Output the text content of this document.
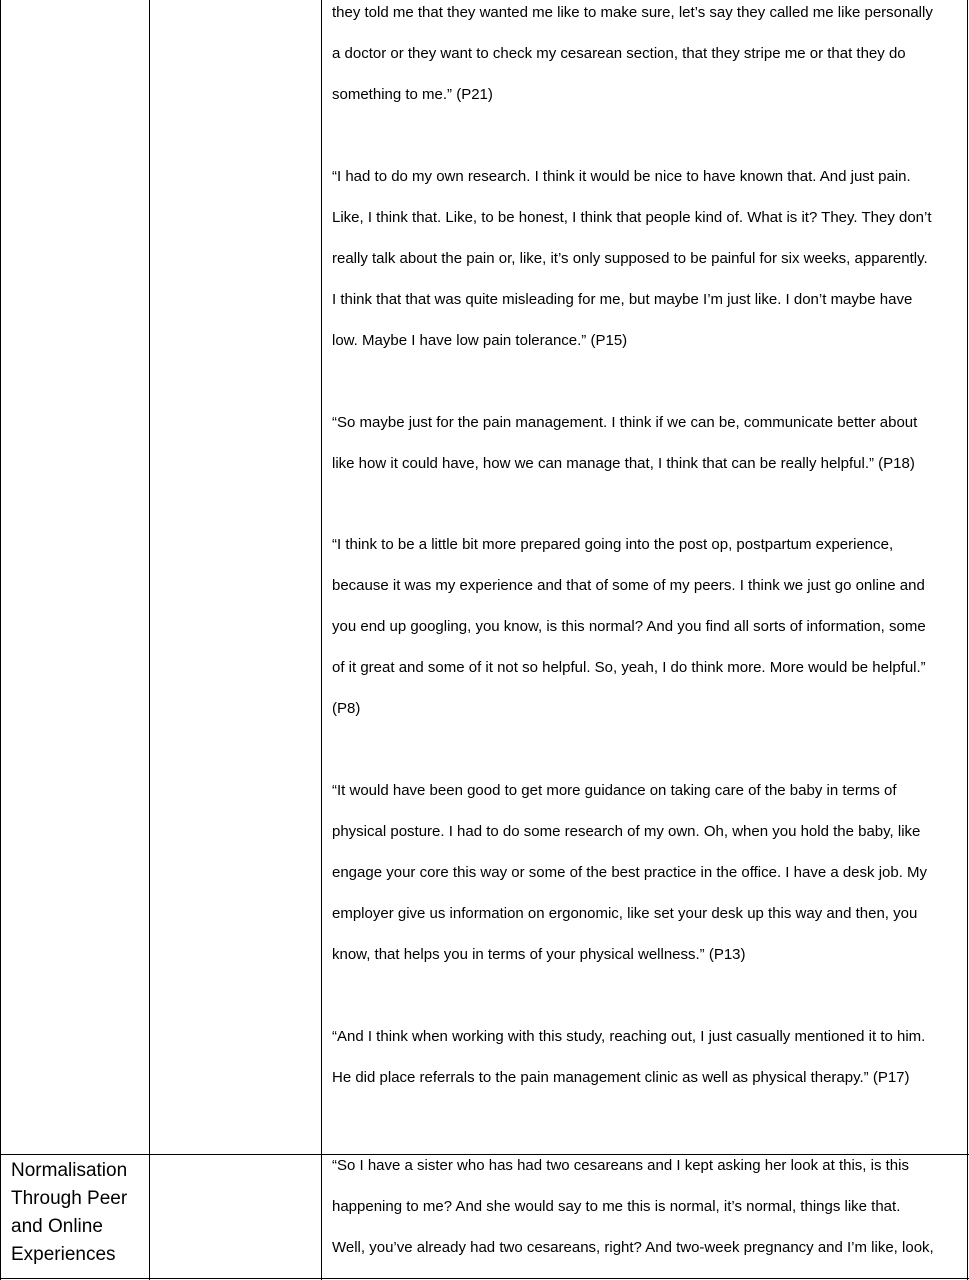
they told me that they wanted me like to make sure, let’s say they called me like personally
a doctor or they want to check my cesarean section, that they stripe me or that they do
something to me.” (P21)
“I had to do my own research. I think it would be nice to have known that. And just pain.
Like, I think that. Like, to be honest, I think that people kind of. What is it? They. They don’t
really talk about the pain or, like, it’s only supposed to be painful for six weeks, apparently.
I think that that was quite misleading for me, but maybe I’m just like. I don’t maybe have
low. Maybe I have low pain tolerance.” (P15)
“So maybe just for the pain management. I think if we can be, communicate better about
like how it could have, how we can manage that, I think that can be really helpful.” (P18)
“I think to be a little bit more prepared going into the post op, postpartum experience,
because it was my experience and that of some of my peers. I think we just go online and
you end up googling, you know, is this normal? And you find all sorts of information, some
of it great and some of it not so helpful. So, yeah, I do think more. More would be helpful.”
(P8)
“It would have been good to get more guidance on taking care of the baby in terms of
physical posture. I had to do some research of my own. Oh, when you hold the baby, like
engage your core this way or some of the best practice in the office. I have a desk job. My
employer give us information on ergonomic, like set your desk up this way and then, you
know, that helps you in terms of your physical wellness.” (P13)
“And I think when working with this study, reaching out, I just casually mentioned it to him.
He did place referrals to the pain management clinic as well as physical therapy.” (P17)
Normalisation Through Peer and Online Experiences
“So I have a sister who has had two cesareans and I kept asking her look at this, is this
happening to me? And she would say to me this is normal, it’s normal, things like that.
Well, you’ve already had two cesareans, right? And two-week pregnancy and I’m like, look,
